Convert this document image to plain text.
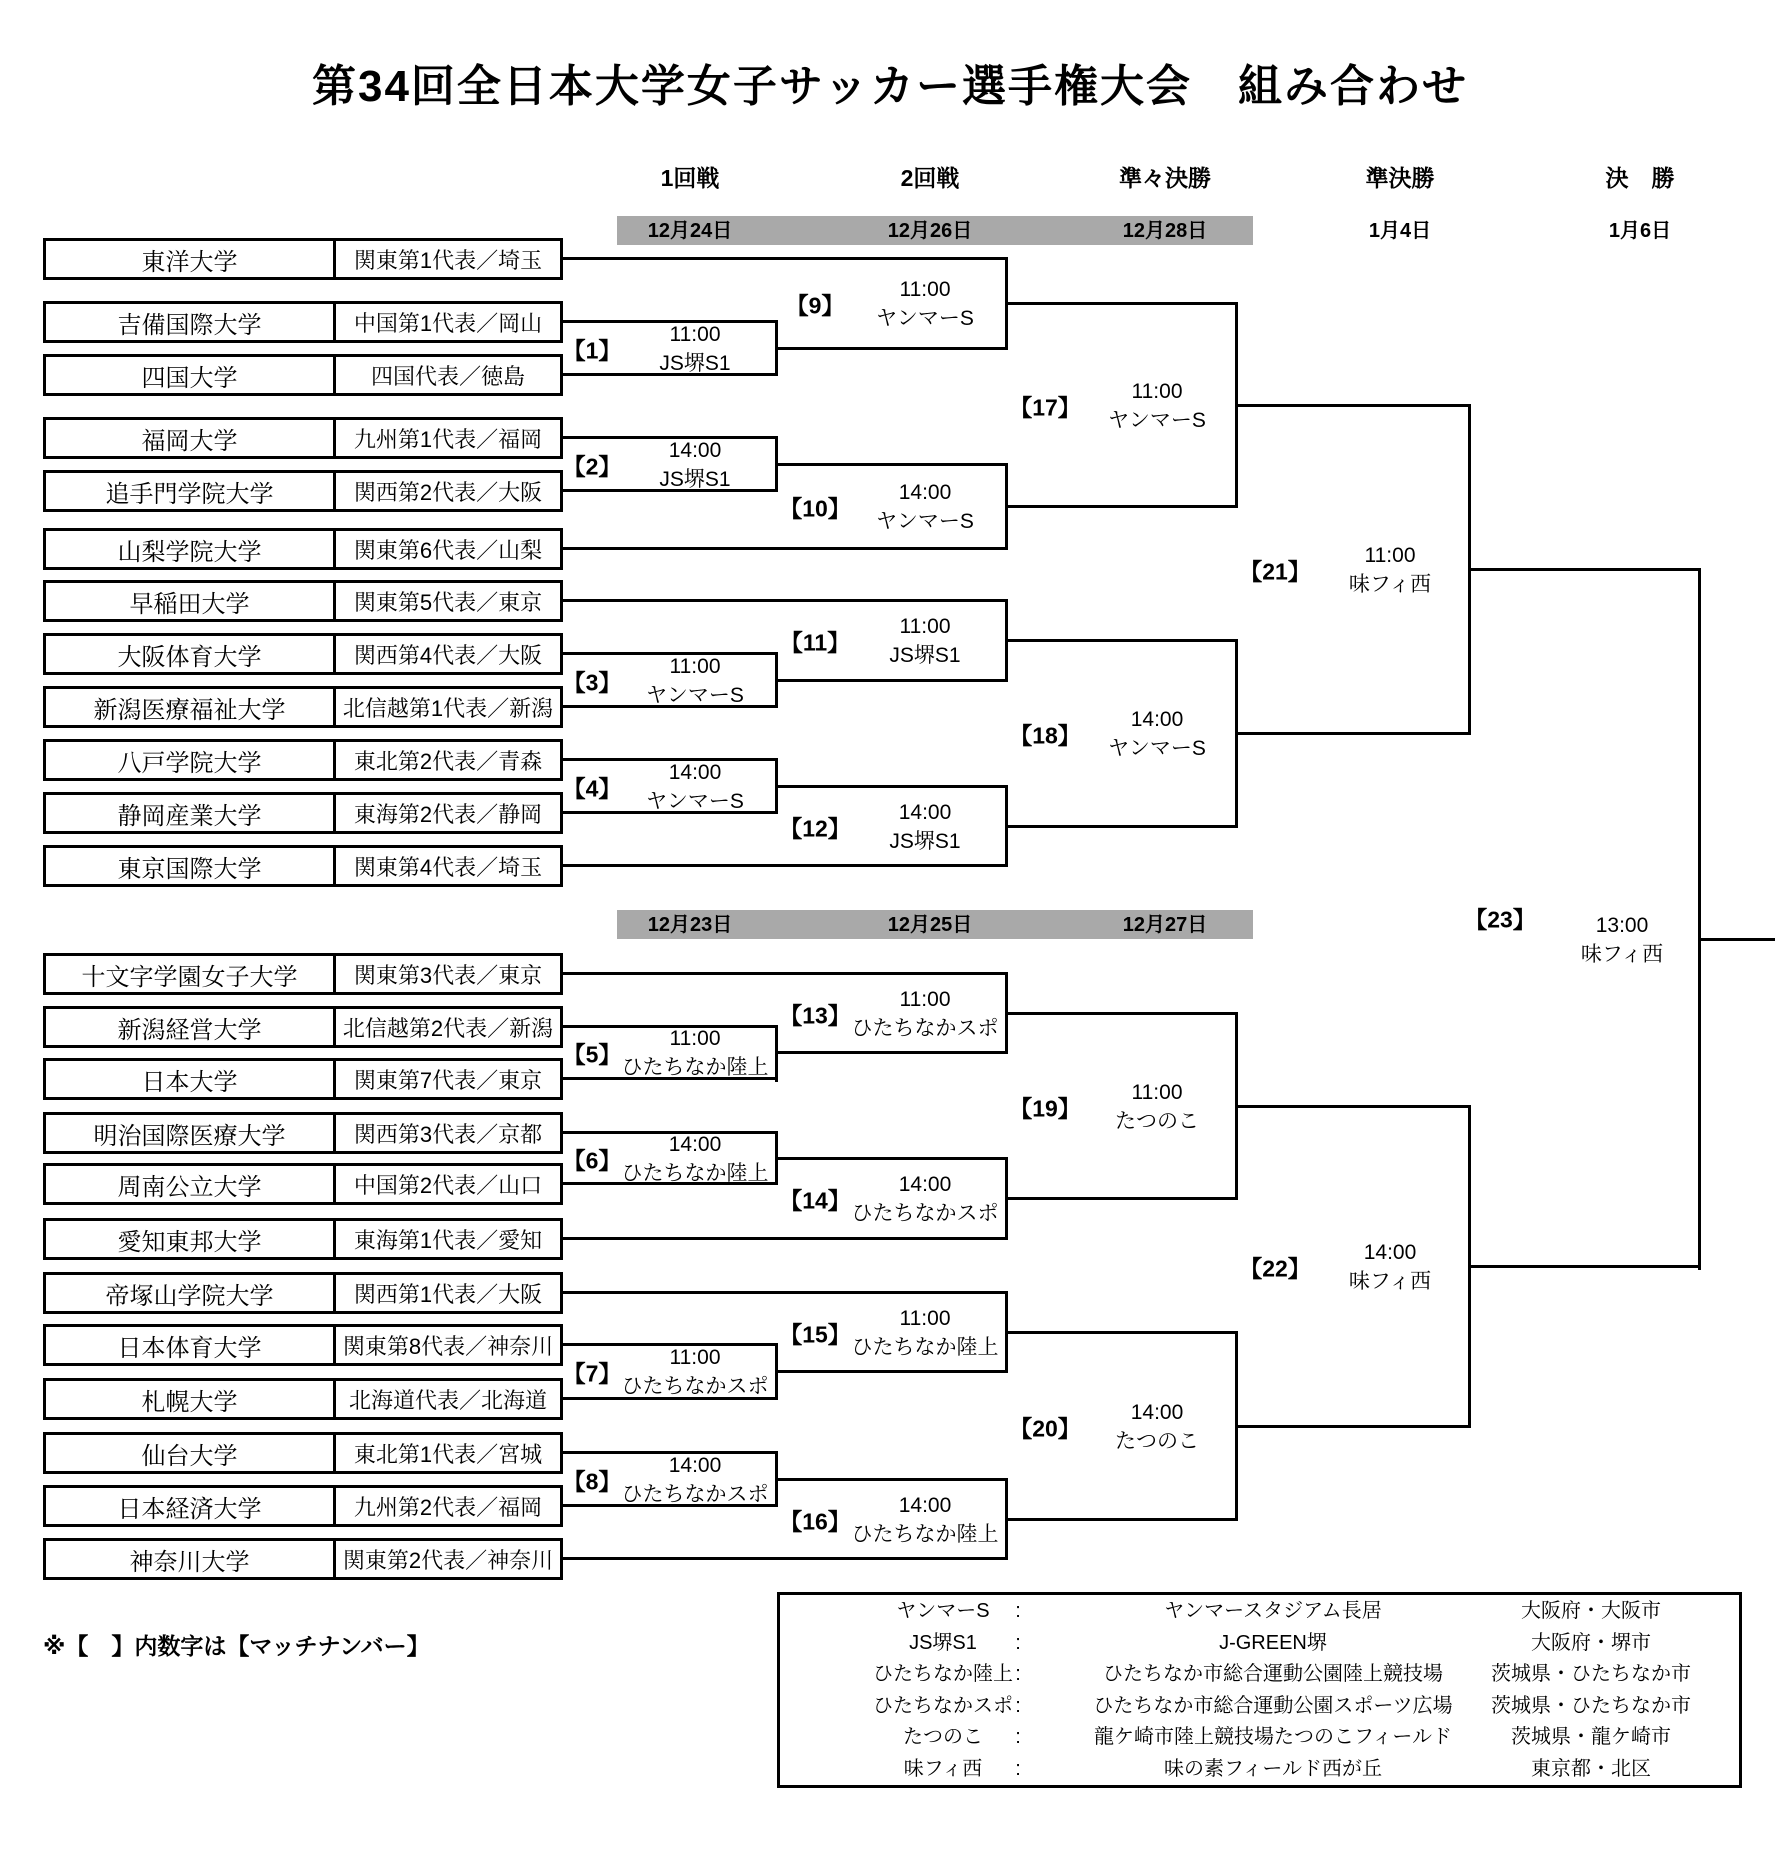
第34回全日本大学女子サッカー選手権大会　組み合わせ
1回戦	2回戦	準々決勝	準決勝	決　勝
12月24日	12月26日	12月28日	1月4日	1月6日
12月23日	12月25日	12月27日
東洋大学	関東第1代表／埼玉
吉備国際大学	中国第1代表／岡山
四国大学	四国代表／徳島
福岡大学	九州第1代表／福岡
追手門学院大学	関西第2代表／大阪
山梨学院大学	関東第6代表／山梨
早稲田大学	関東第5代表／東京
大阪体育大学	関西第4代表／大阪
新潟医療福祉大学	北信越第1代表／新潟
八戸学院大学	東北第2代表／青森
静岡産業大学	東海第2代表／静岡
東京国際大学	関東第4代表／埼玉
十文字学園女子大学	関東第3代表／東京
新潟経営大学	北信越第2代表／新潟
日本大学	関東第7代表／東京
明治国際医療大学	関西第3代表／京都
周南公立大学	中国第2代表／山口
愛知東邦大学	東海第1代表／愛知
帝塚山学院大学	関西第1代表／大阪
日本体育大学	関東第8代表／神奈川
札幌大学	北海道代表／北海道
仙台大学	東北第1代表／宮城
日本経済大学	九州第2代表／福岡
神奈川大学	関東第2代表／神奈川
【1】
11:00
JS堺S1
【2】
14:00
JS堺S1
【3】
11:00
ヤンマーS
【4】
14:00
ヤンマーS
【5】
11:00
ひたちなか陸上
【6】
14:00
ひたちなか陸上
【7】
11:00
ひたちなかスポ
【8】
14:00
ひたちなかスポ
【9】
11:00
ヤンマーS
【10】
14:00
ヤンマーS
【11】
11:00
JS堺S1
【12】
14:00
JS堺S1
【13】
11:00
ひたちなかスポ
【14】
14:00
ひたちなかスポ
【15】
11:00
ひたちなか陸上
【16】
14:00
ひたちなか陸上
【17】
11:00
ヤンマーS
【18】
14:00
ヤンマーS
【19】
11:00
たつのこ
【20】
14:00
たつのこ
【21】
11:00
味フィ西
【22】
14:00
味フィ西
【23】	13:00
味フィ西
※【　】内数字は【マッチナンバー】
ヤンマーS	:	ヤンマースタジアム長居	大阪府・大阪市
JS堺S1	:	J-GREEN堺	大阪府・堺市
ひたちなか陸上 :	ひたちなか市総合運動公園陸上競技場	茨城県・ひたちなか市
ひたちなかスポ :	ひたちなか市総合運動公園スポーツ広場	茨城県・ひたちなか市
たつのこ	:	龍ケ崎市陸上競技場たつのこフィールド	茨城県・龍ケ崎市
味フィ西	:	味の素フィールド西が丘	東京都・北区
